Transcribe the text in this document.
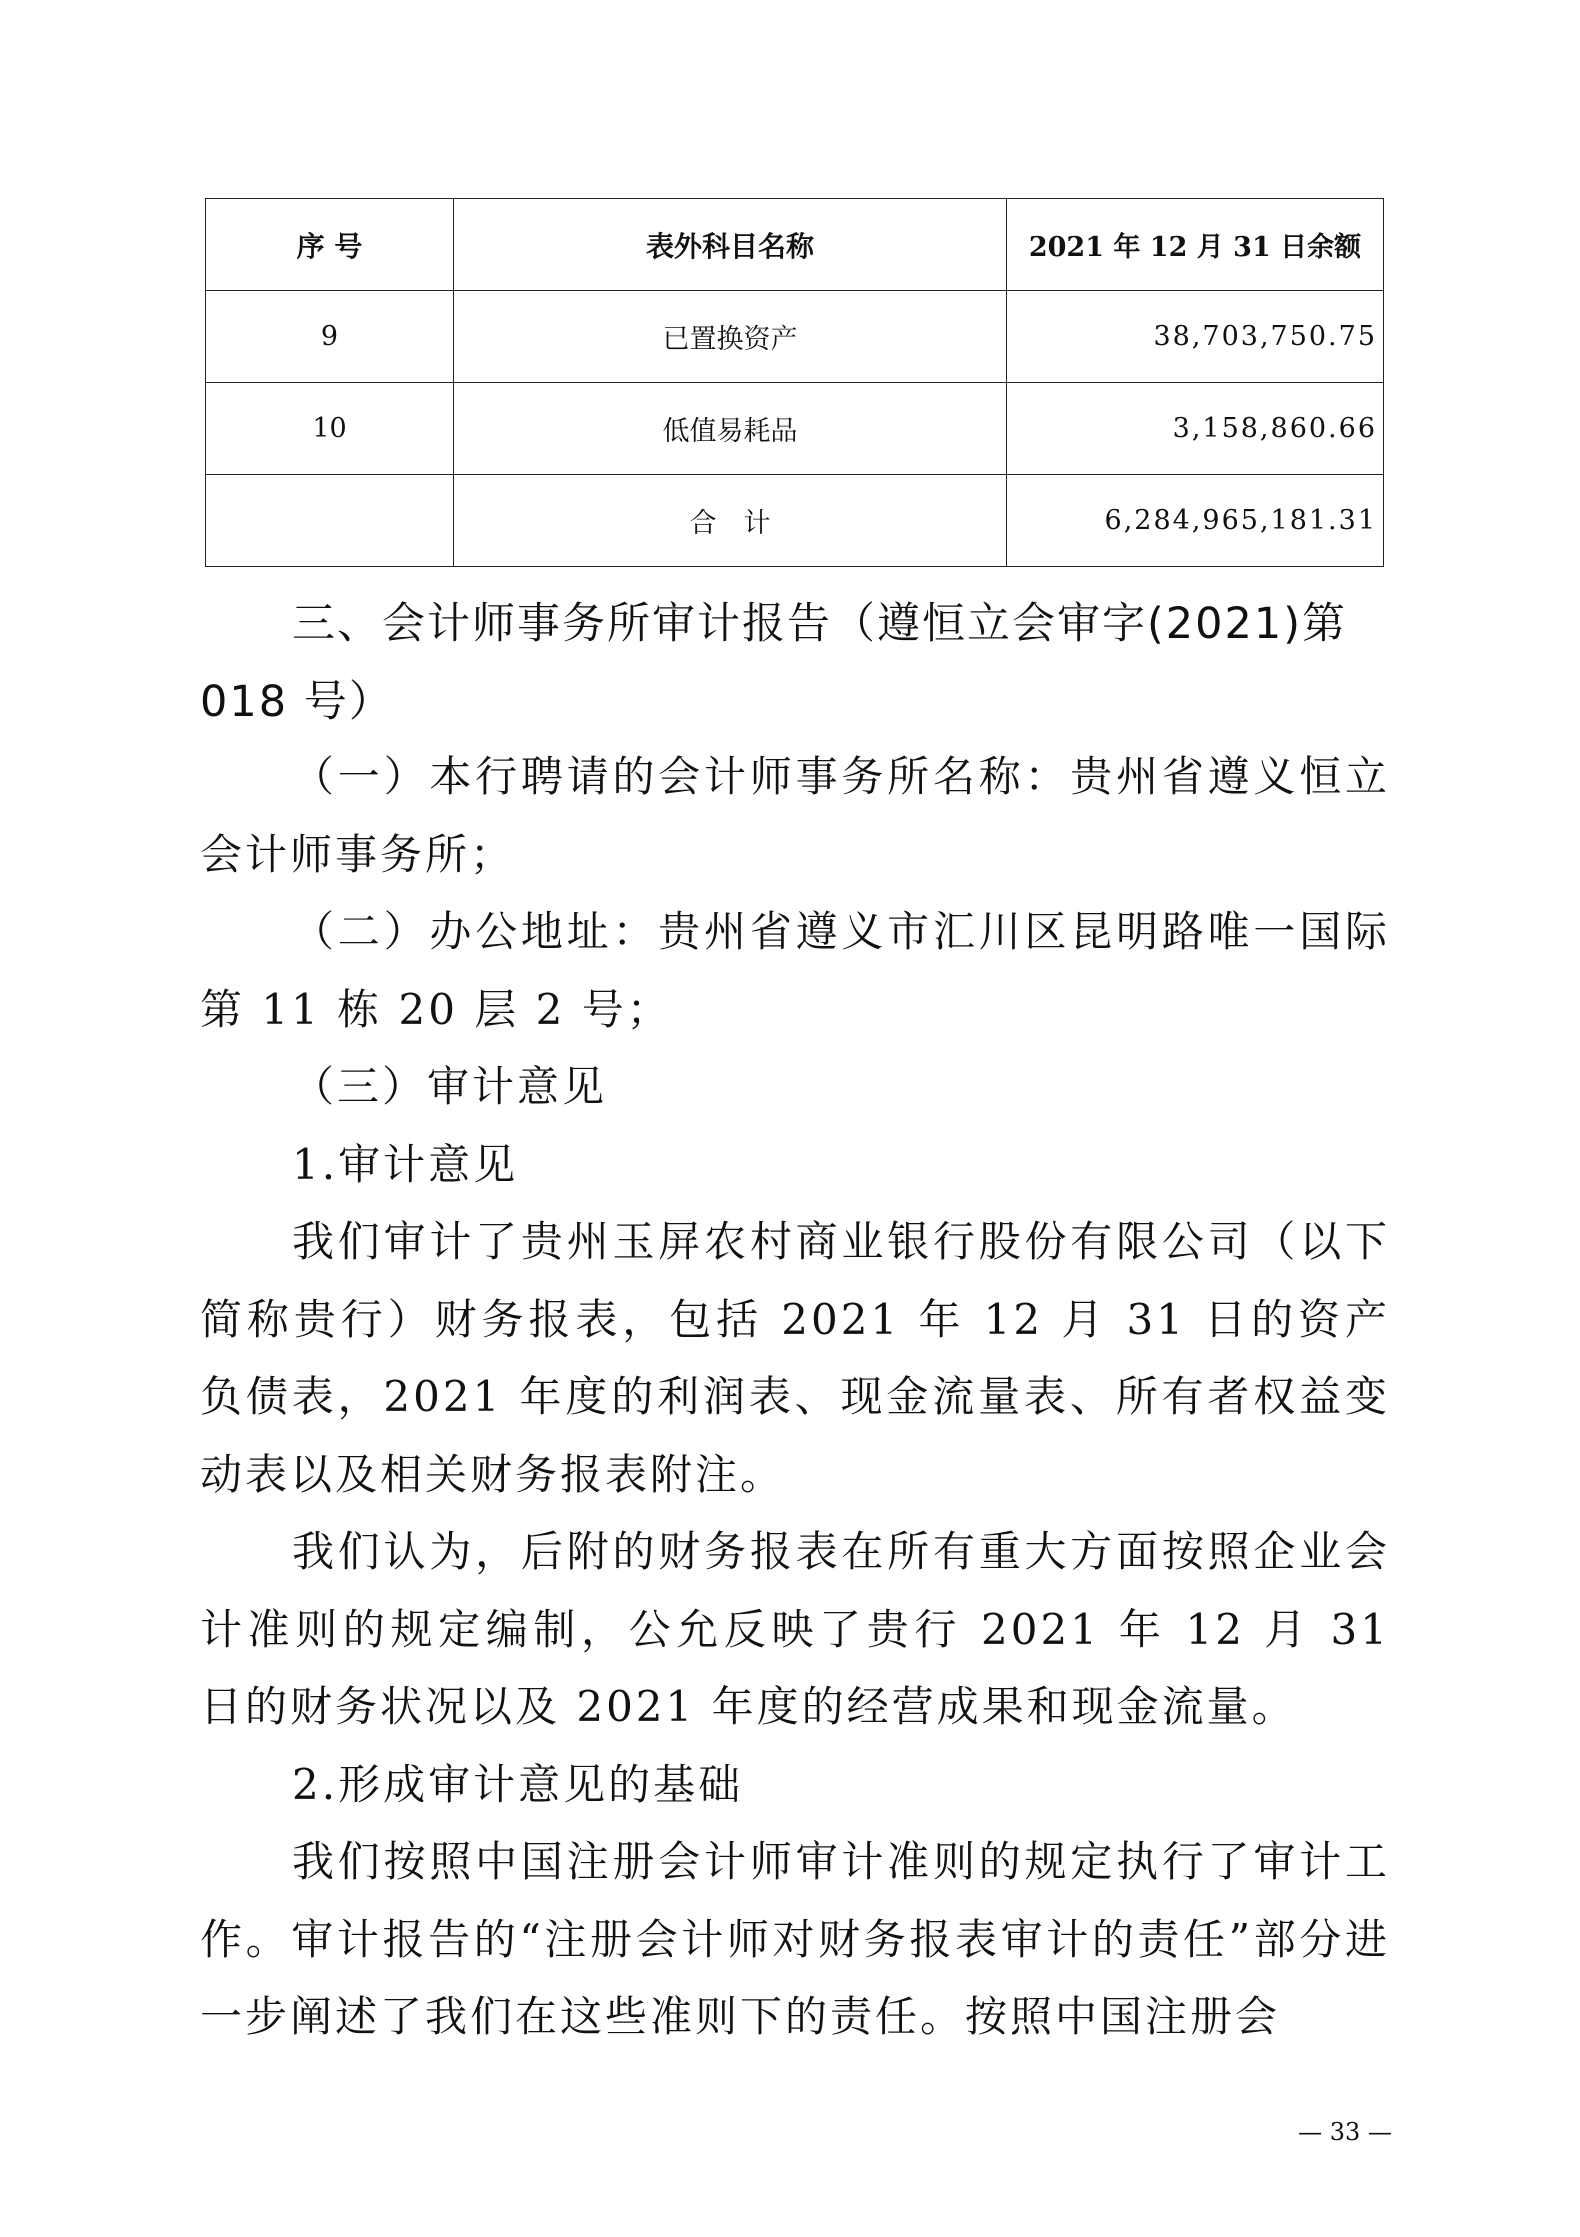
序 号	表外科目名称	2021 年 12 月 31 日余额
9	已置换资产	38,703,750.75
10	低值易耗品	3,158,860.66
	合　计	6,284,965,181.31
三、会计师事务所审计报告（遵恒立会审字(2021)第 018 号）

（一）本行聘请的会计师事务所名称：贵州省遵义恒立会计师事务所；

（二）办公地址：贵州省遵义市汇川区昆明路唯一国际第 11 栋 20 层 2 号；

（三）审计意见

1.审计意见

我们审计了贵州玉屏农村商业银行股份有限公司（以下简称贵行）财务报表，包括 2021 年 12 月 31 日的资产负债表，2021 年度的利润表、现金流量表、所有者权益变动表以及相关财务报表附注。

我们认为，后附的财务报表在所有重大方面按照企业会计准则的规定编制，公允反映了贵行 2021 年 12 月 31 日的财务状况以及 2021 年度的经营成果和现金流量。

2.形成审计意见的基础

我们按照中国注册会计师审计准则的规定执行了审计工作。审计报告的“注册会计师对财务报表审计的责任”部分进一步阐述了我们在这些准则下的责任。按照中国注册会

— 33 —
